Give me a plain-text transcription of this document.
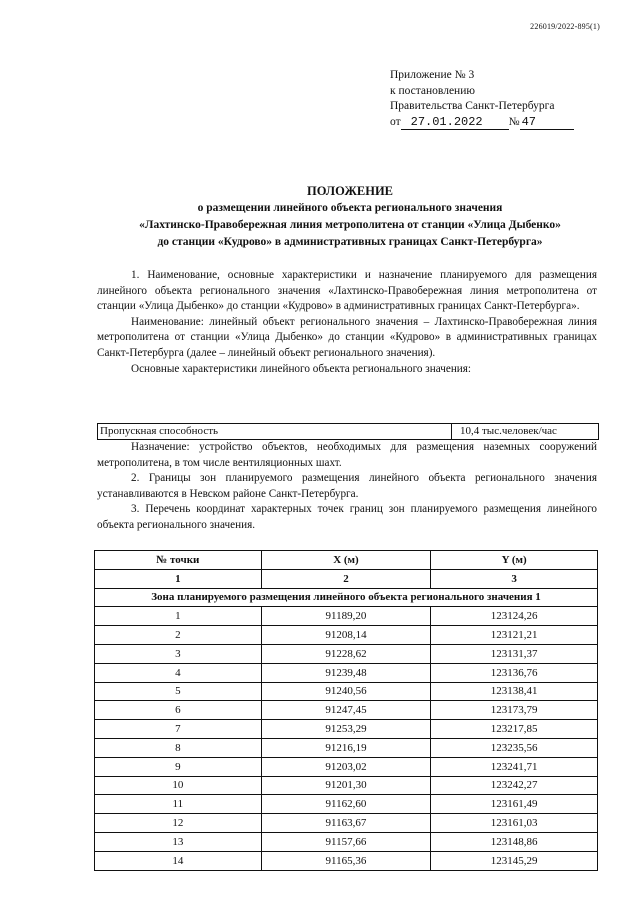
226019/2022-895(1)
Приложение № 3
к постановлению
Правительства Санкт-Петербурга
от 27.01.2022 № 47
ПОЛОЖЕНИЕ
о размещении линейного объекта регионального значения
«Лахтинско-Правобережная линия метрополитена от станции «Улица Дыбенко»
до станции «Кудрово» в административных границах Санкт-Петербурга»

1. Наименование, основные характеристики и назначение планируемого для размещения линейного объекта регионального значения «Лахтинско-Правобережная линия метрополитена от станции «Улица Дыбенко» до станции «Кудрово» в административных границах Санкт-Петербурга».

Наименование: линейный объект регионального значения – Лахтинско-Правобережная линия метрополитена от станции «Улица Дыбенко» до станции «Кудрово» в административных границах Санкт-Петербурга (далее – линейный объект регионального значения).

Основные характеристики линейного объекта регионального значения:

Пропускная способность	10,4 тыс.человек/час

Назначение: устройство объектов, необходимых для размещения наземных сооружений метрополитена, в том числе вентиляционных шахт.

2. Границы зон планируемого размещения линейного объекта регионального значения устанавливаются в Невском районе Санкт-Петербурга.

3. Перечень координат характерных точек границ зон планируемого размещения линейного объекта регионального значения.

№ точки	X (м)	Y (м)
1	2	3
Зона планируемого размещения линейного объекта регионального значения 1		
1	91189,20	123124,26
2	91208,14	123121,21
3	91228,62	123131,37
4	91239,48	123136,76
5	91240,56	123138,41
6	91247,45	123173,79
7	91253,29	123217,85
8	91216,19	123235,56
9	91203,02	123241,71
10	91201,30	123242,27
11	91162,60	123161,49
12	91163,67	123161,03
13	91157,66	123148,86
14	91165,36	123145,29
